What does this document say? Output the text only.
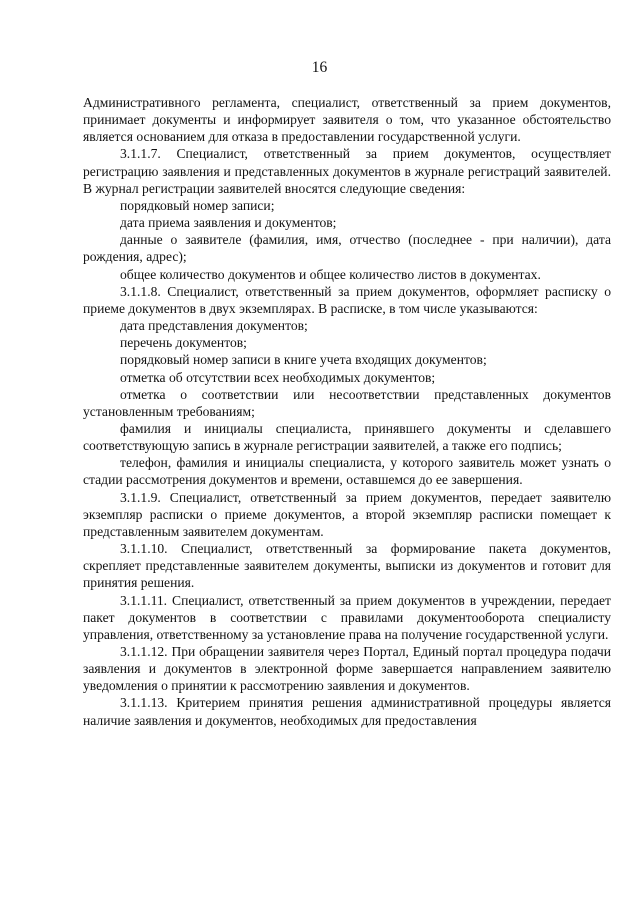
16

Административного регламента, специалист, ответственный за прием документов, принимает документы и информирует заявителя о том, что указанное обстоятельство является основанием для отказа в предоставлении государственной услуги.

3.1.1.7. Специалист, ответственный за прием документов, осуществляет регистрацию заявления и представленных документов в журнале регистраций заявителей. В журнал регистрации заявителей вносятся следующие сведения:

порядковый номер записи;

дата приема заявления и документов;

данные о заявителе (фамилия, имя, отчество (последнее - при наличии), дата рождения, адрес);

общее количество документов и общее количество листов в документах.

3.1.1.8. Специалист, ответственный за прием документов, оформляет расписку о приеме документов в двух экземплярах. В расписке, в том числе указываются:

дата представления документов;

перечень документов;

порядковый номер записи в книге учета входящих документов;

отметка об отсутствии всех необходимых документов;

отметка о соответствии или несоответствии представленных документов установленным требованиям;

фамилия и инициалы специалиста, принявшего документы и сделавшего соответствующую запись в журнале регистрации заявителей, а также его подпись;

телефон, фамилия и инициалы специалиста, у которого заявитель может узнать о стадии рассмотрения документов и времени, оставшемся до ее завершения.

3.1.1.9. Специалист, ответственный за прием документов, передает заявителю экземпляр расписки о приеме документов, а второй экземпляр расписки помещает к представленным заявителем документам.

3.1.1.10. Специалист, ответственный за формирование пакета документов, скрепляет представленные заявителем документы, выписки из документов и готовит для принятия решения.

3.1.1.11. Специалист, ответственный за прием документов в учреждении, передает пакет документов в соответствии с правилами документооборота специалисту управления, ответственному за установление права на получение государственной услуги.

3.1.1.12. При обращении заявителя через Портал, Единый портал процедура подачи заявления и документов в электронной форме завершается направлением заявителю уведомления о принятии к рассмотрению заявления и документов.

3.1.1.13. Критерием принятия решения административной процедуры является наличие заявления и документов, необходимых для предоставления
